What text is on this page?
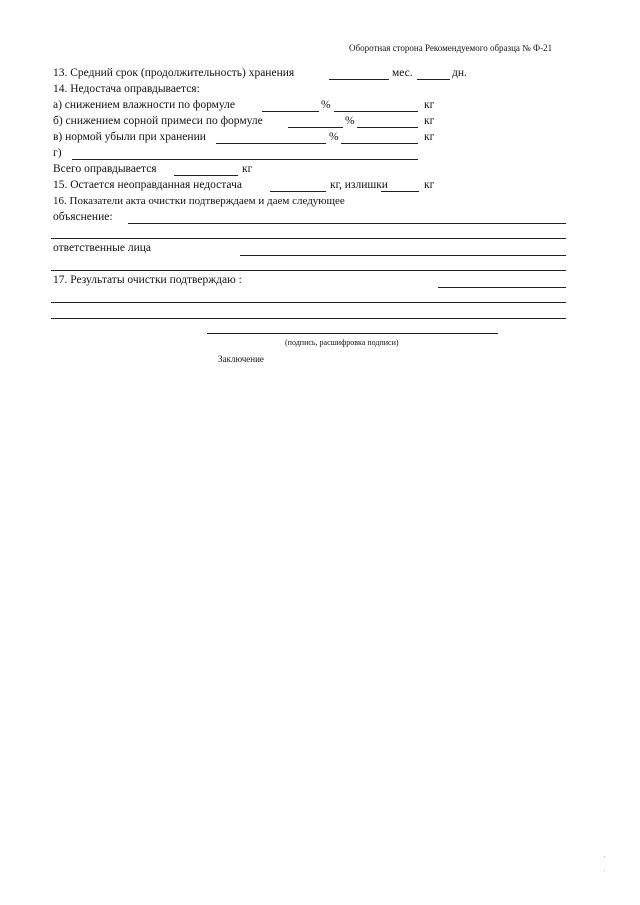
Оборотная сторона Рекомендуемого образца № Ф-21
13. Средний срок (продолжительность) хранения	мес.	дн.
14. Недостача оправдывается:
а) снижением влажности по формуле	%	кг
б) снижением сорной примеси по формуле	%	кг
в) нормой убыли при хранении	%	кг
г)
Всего оправдывается	кг
15. Остается неоправданная недостача	кг, излишки	кг
16. Показатели акта очистки подтверждаем и даем следующее
объяснение:
ответственные лица
17. Результаты очистки подтверждаю :
(подпись, расшифровка подписи)
Заключение
